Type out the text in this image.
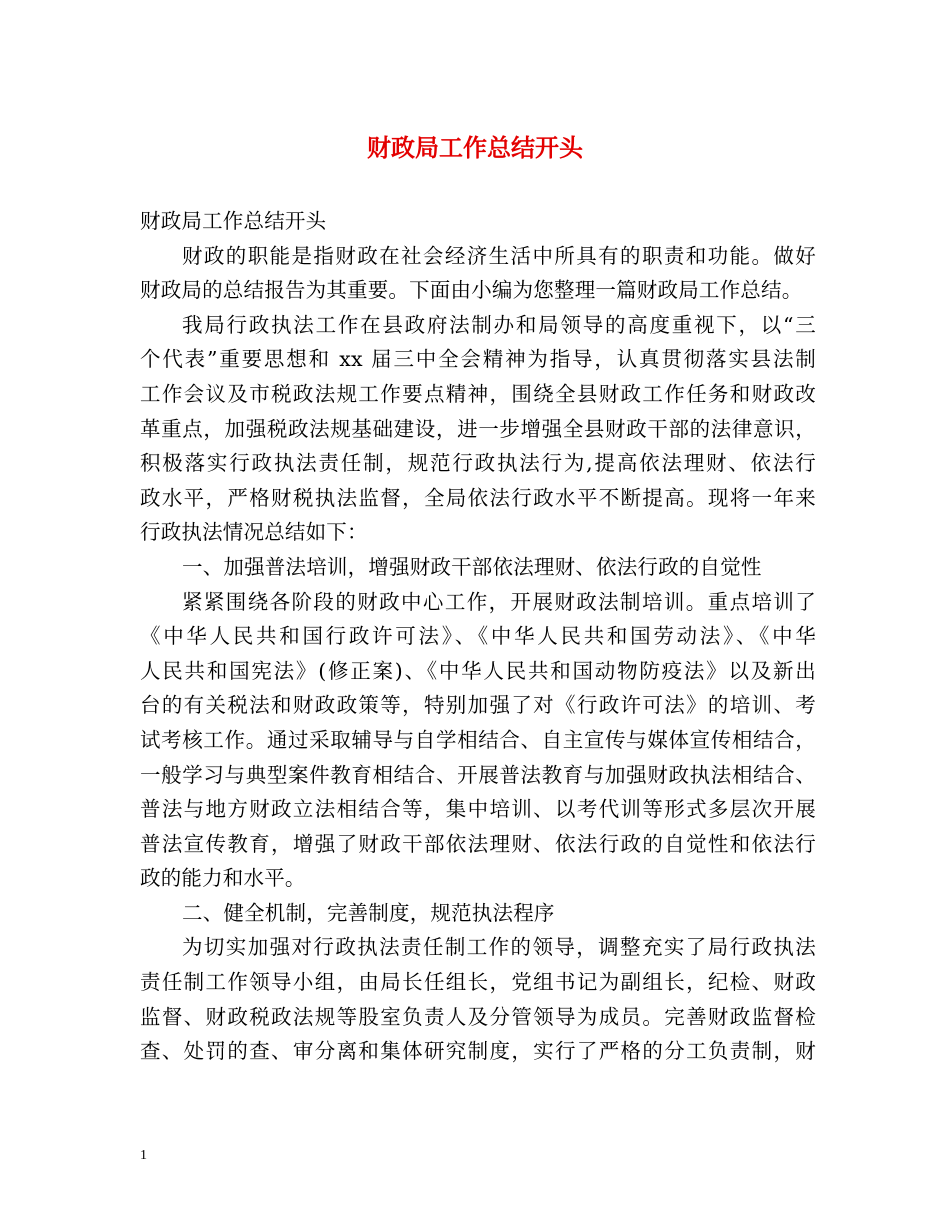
财政局工作总结开头
财政局工作总结开头
财政的职能是指财政在社会经济生活中所具有的职责和功能。做好
财政局的总结报告为其重要。下面由小编为您整理一篇财政局工作总结。
我局行政执法工作在县政府法制办和局领导的高度重视下，以“三
个代表”重要思想和 xx 届三中全会精神为指导，认真贯彻落实县法制
工作会议及市税政法规工作要点精神，围绕全县财政工作任务和财政改
革重点，加强税政法规基础建设，进一步增强全县财政干部的法律意识，
积极落实行政执法责任制，规范行政执法行为,提高依法理财、依法行
政水平，严格财税执法监督，全局依法行政水平不断提高。现将一年来
行政执法情况总结如下：
一、加强普法培训，增强财政干部依法理财、依法行政的自觉性
紧紧围绕各阶段的财政中心工作，开展财政法制培训。重点培训了
《中华人民共和国行政许可法》、《中华人民共和国劳动法》、《中华
人民共和国宪法》(修正案)、《中华人民共和国动物防疫法》以及新出
台的有关税法和财政政策等，特别加强了对《行政许可法》的培训、考
试考核工作。通过采取辅导与自学相结合、自主宣传与媒体宣传相结合，
一般学习与典型案件教育相结合、开展普法教育与加强财政执法相结合、
普法与地方财政立法相结合等，集中培训、以考代训等形式多层次开展
普法宣传教育，增强了财政干部依法理财、依法行政的自觉性和依法行
政的能力和水平。
二、健全机制，完善制度，规范执法程序
为切实加强对行政执法责任制工作的领导，调整充实了局行政执法
责任制工作领导小组，由局长任组长，党组书记为副组长，纪检、财政
监督、财政税政法规等股室负责人及分管领导为成员。完善财政监督检
查、处罚的查、审分离和集体研究制度，实行了严格的分工负责制，财
1
